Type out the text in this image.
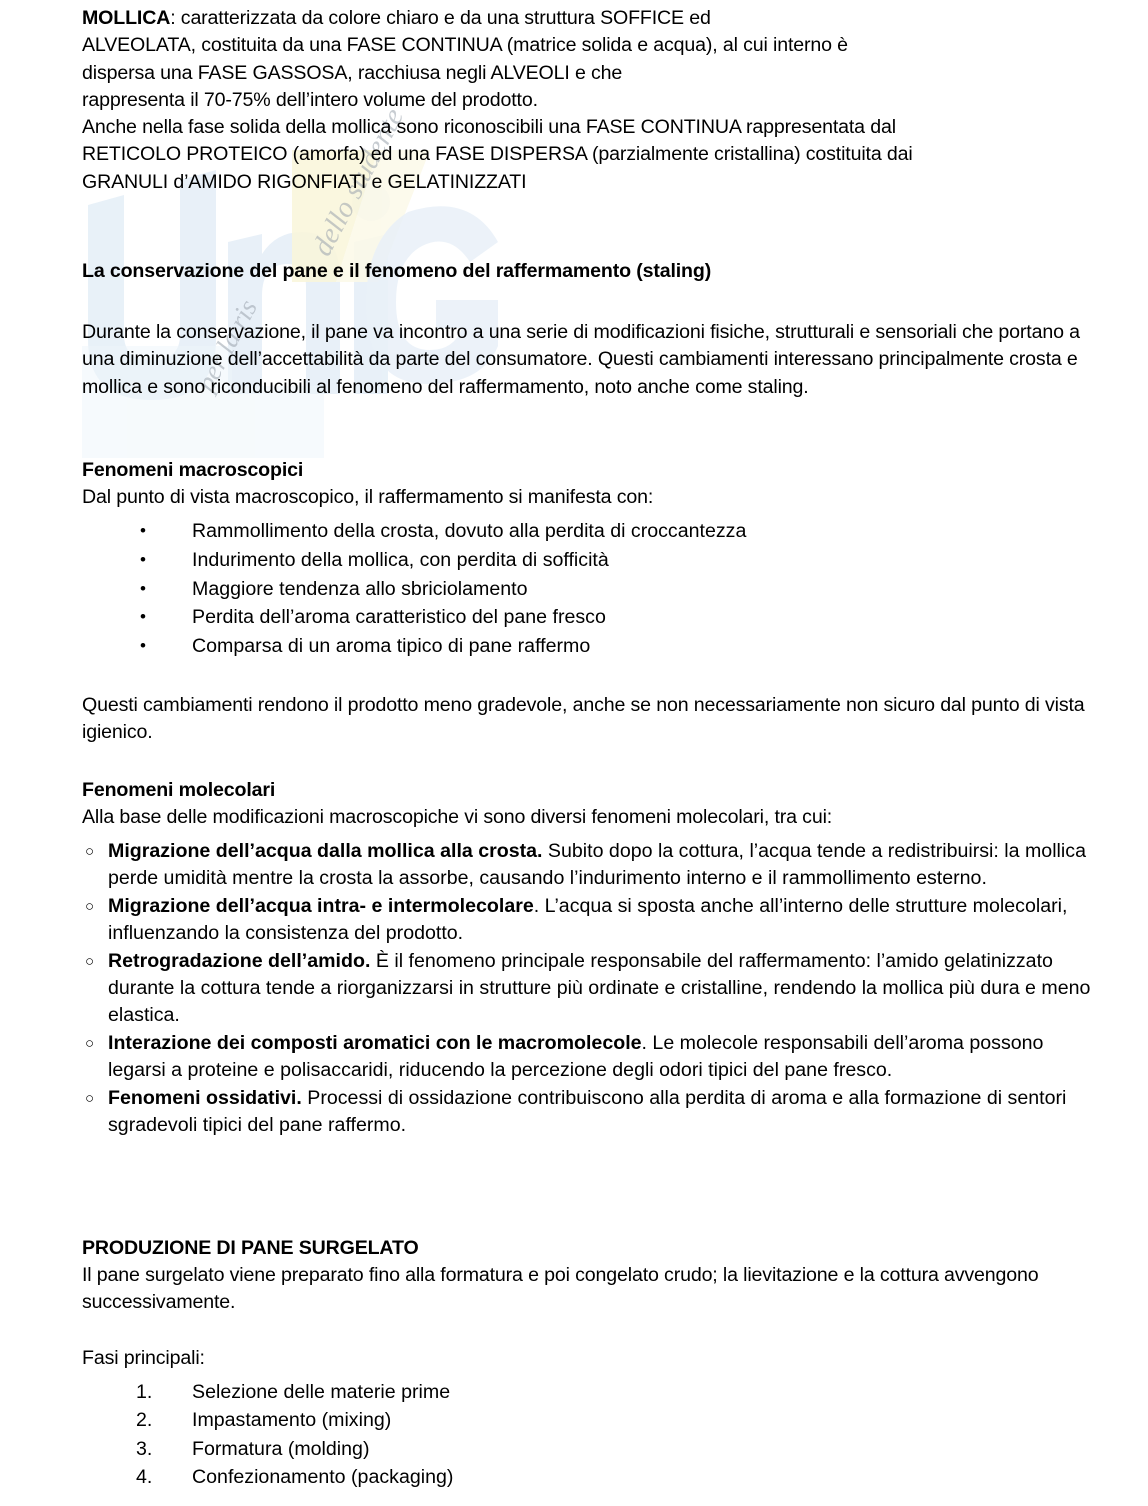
dello studente
per la ris
MOLLICA: caratterizzata da colore chiaro e da una struttura SOFFICE ed
ALVEOLATA, costituita da una FASE CONTINUA (matrice solida e acqua), al cui interno è
dispersa una FASE GASSOSA, racchiusa negli ALVEOLI e che
rappresenta il 70-75% dell’intero volume del prodotto.
Anche nella fase solida della mollica sono riconoscibili una FASE CONTINUA rappresentata dal
RETICOLO PROTEICO (amorfa) ed una FASE DISPERSA (parzialmente cristallina) costituita dai
GRANULI d’AMIDO RIGONFIATI e GELATINIZZATI
La conservazione del pane e il fenomeno del raffermamento (staling)
Durante la conservazione, il pane va incontro a una serie di modificazioni fisiche, strutturali e sensoriali che portano a una diminuzione dell’accettabilità da parte del consumatore. Questi cambiamenti interessano principalmente crosta e mollica e sono riconducibili al fenomeno del raffermamento, noto anche come staling.
Fenomeni macroscopici
Dal punto di vista macroscopico, il raffermamento si manifesta con:
• Rammollimento della crosta, dovuto alla perdita di croccantezza
• Indurimento della mollica, con perdita di sofficità
• Maggiore tendenza allo sbriciolamento
• Perdita dell’aroma caratteristico del pane fresco
• Comparsa di un aroma tipico di pane raffermo
Questi cambiamenti rendono il prodotto meno gradevole, anche se non necessariamente non sicuro dal punto di vista igienico.
Fenomeni molecolari
Alla base delle modificazioni macroscopiche vi sono diversi fenomeni molecolari, tra cui:
○ Migrazione dell’acqua dalla mollica alla crosta. Subito dopo la cottura, l’acqua tende a redistribuirsi: la mollica perde umidità mentre la crosta la assorbe, causando l’indurimento interno e il rammollimento esterno.
○ Migrazione dell’acqua intra- e intermolecolare. L’acqua si sposta anche all’interno delle strutture molecolari, influenzando la consistenza del prodotto.
○ Retrogradazione dell’amido. È il fenomeno principale responsabile del raffermamento: l’amido gelatinizzato durante la cottura tende a riorganizzarsi in strutture più ordinate e cristalline, rendendo la mollica più dura e meno elastica.
○ Interazione dei composti aromatici con le macromolecole. Le molecole responsabili dell’aroma possono legarsi a proteine e polisaccaridi, riducendo la percezione degli odori tipici del pane fresco.
○ Fenomeni ossidativi. Processi di ossidazione contribuiscono alla perdita di aroma e alla formazione di sentori sgradevoli tipici del pane raffermo.
PRODUZIONE DI PANE SURGELATO
Il pane surgelato viene preparato fino alla formatura e poi congelato crudo; la lievitazione e la cottura avvengono successivamente.
Fasi principali:
1. Selezione delle materie prime
2. Impastamento (mixing)
3. Formatura (molding)
4. Confezionamento (packaging)
